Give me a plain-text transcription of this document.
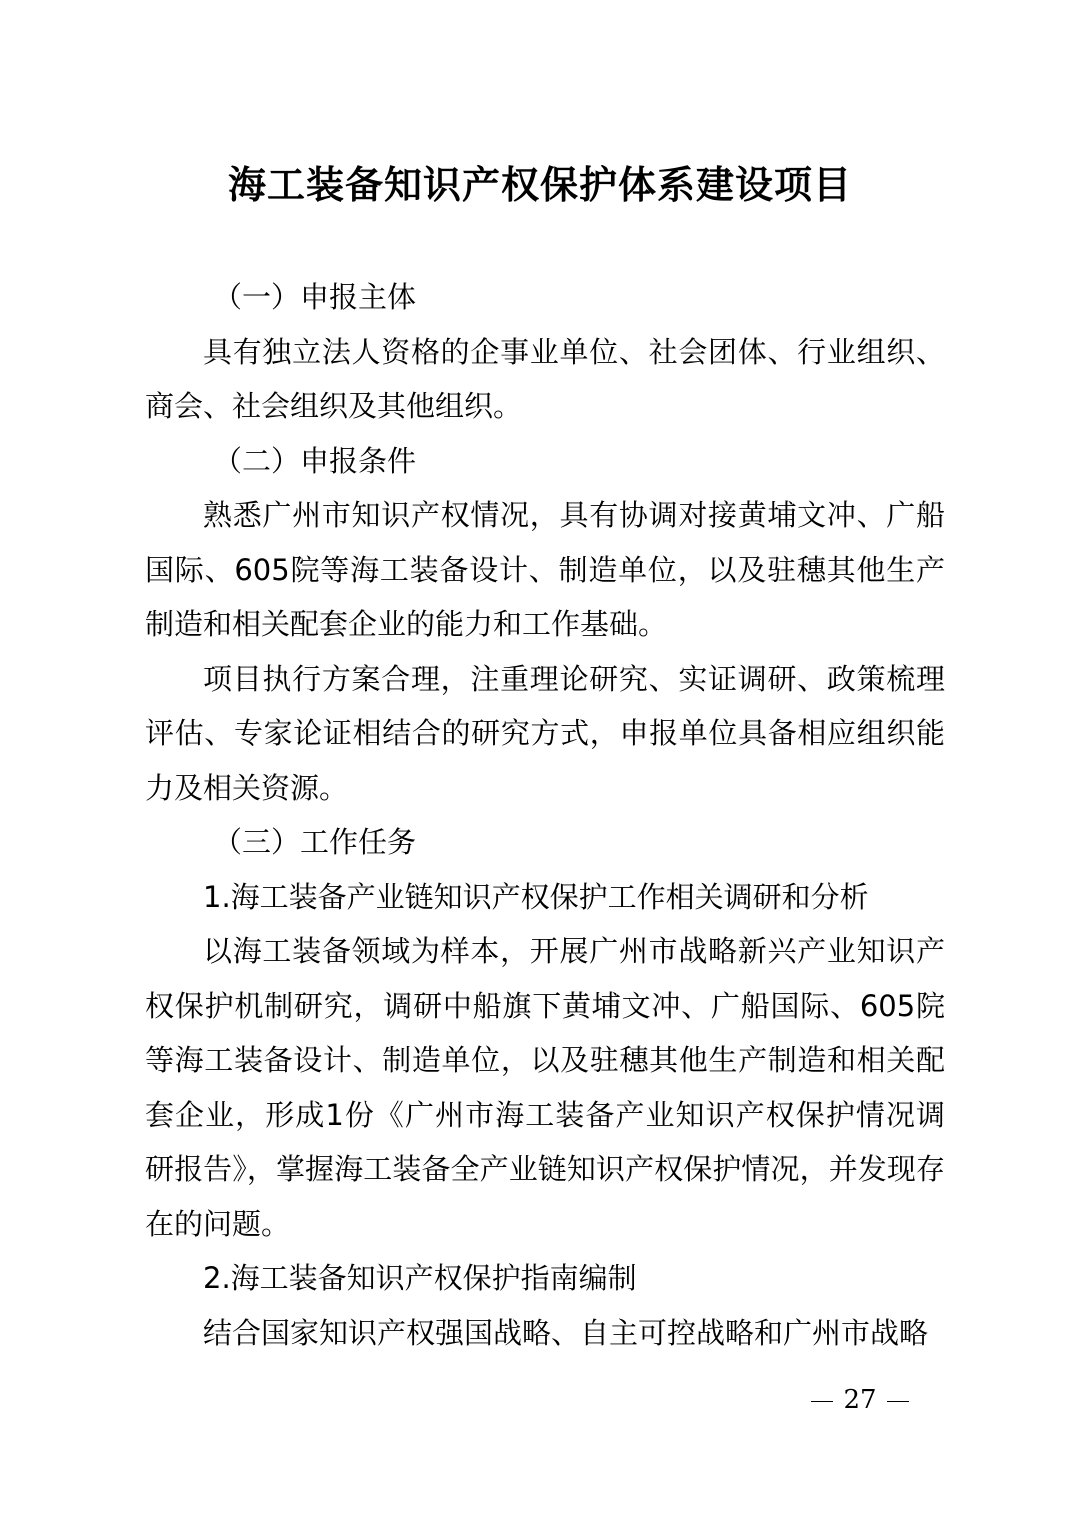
海工装备知识产权保护体系建设项目

（一）申报主体

具有独立法人资格的企事业单位、社会团体、行业组织、商会、社会组织及其他组织。

（二）申报条件

熟悉广州市知识产权情况，具有协调对接黄埔文冲、广船国际、605院等海工装备设计、制造单位，以及驻穗其他生产制造和相关配套企业的能力和工作基础。

项目执行方案合理，注重理论研究、实证调研、政策梳理评估、专家论证相结合的研究方式，申报单位具备相应组织能力及相关资源。

（三）工作任务

1.海工装备产业链知识产权保护工作相关调研和分析

以海工装备领域为样本，开展广州市战略新兴产业知识产权保护机制研究，调研中船旗下黄埔文冲、广船国际、605院等海工装备设计、制造单位，以及驻穗其他生产制造和相关配套企业，形成1份《广州市海工装备产业知识产权保护情况调研报告》，掌握海工装备全产业链知识产权保护情况，并发现存在的问题。

2.海工装备知识产权保护指南编制

结合国家知识产权强国战略、自主可控战略和广州市战略

27
